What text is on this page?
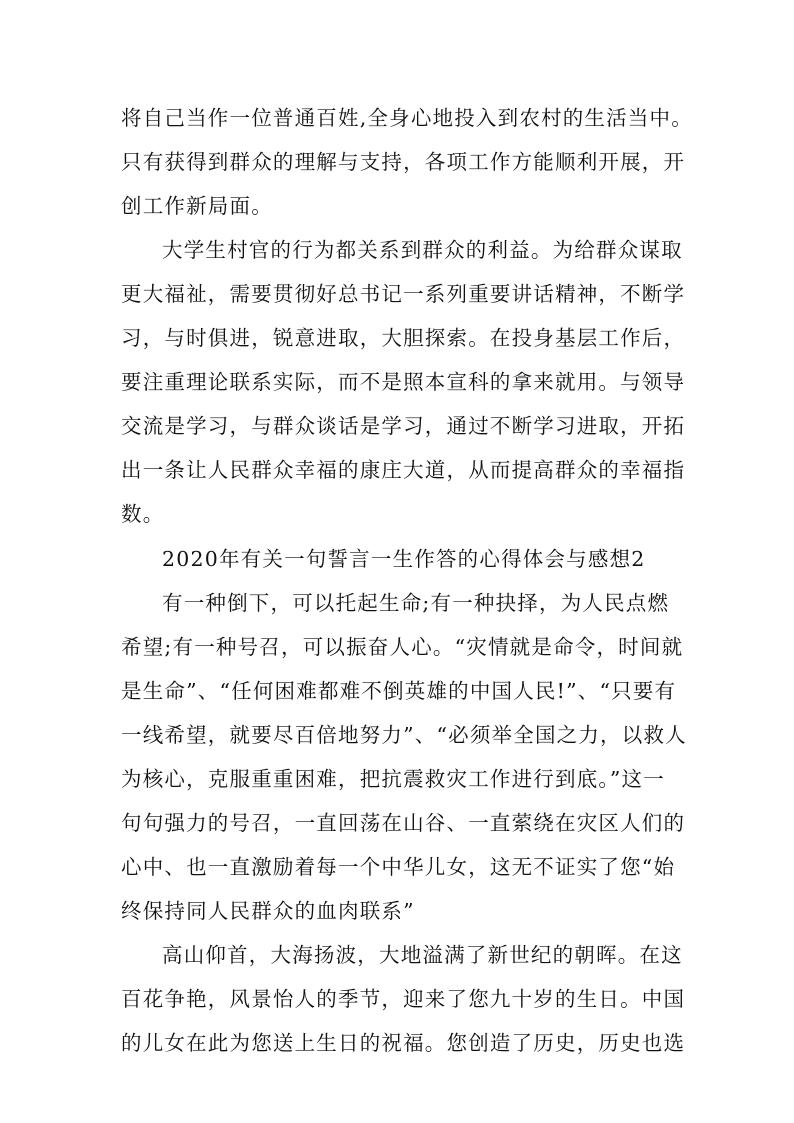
将自己当作一位普通百姓,全身心地投入到农村的生活当中。
只有获得到群众的理解与支持，各项工作方能顺利开展，开
创工作新局面。
大学生村官的行为都关系到群众的利益。为给群众谋取
更大福祉，需要贯彻好总书记一系列重要讲话精神，不断学
习，与时俱进，锐意进取，大胆探索。在投身基层工作后，
要注重理论联系实际，而不是照本宣科的拿来就用。与领导
交流是学习，与群众谈话是学习，通过不断学习进取，开拓
出一条让人民群众幸福的康庄大道，从而提高群众的幸福指
数。
2020年有关一句誓言一生作答的心得体会与感想2
有一种倒下，可以托起生命;有一种抉择，为人民点燃
希望;有一种号召，可以振奋人心。“灾情就是命令，时间就
是生命”、“任何困难都难不倒英雄的中国人民!”、“只要有
一线希望，就要尽百倍地努力”、“必须举全国之力，以救人
为核心，克服重重困难，把抗震救灾工作进行到底。”这一
句句强力的号召，一直回荡在山谷、一直萦绕在灾区人们的
心中、也一直激励着每一个中华儿女，这无不证实了您“始
终保持同人民群众的血肉联系”
高山仰首，大海扬波，大地溢满了新世纪的朝晖。在这
百花争艳，风景怡人的季节，迎来了您九十岁的生日。中国
的儿女在此为您送上生日的祝福。您创造了历史，历史也选
